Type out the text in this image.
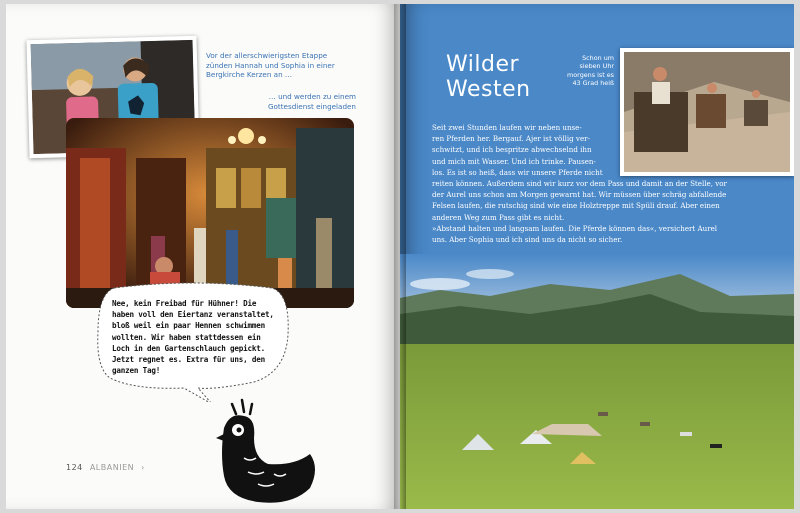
Vor der allerschwierigsten Etappe zünden Hannah und Sophia in einer Bergkirche Kerzen an …
… und werden zu einem Gottesdienst eingeladen
Nee, kein Freibad für Hühner! Die haben voll den Eiertanz veranstaltet, bloß weil ein paar Hennen schwimmen wollten. Wir haben stattdessen ein Loch in den Gartenschlauch gepickt. Jetzt regnet es. Extra für uns, den ganzen Tag!
124 ALBANIEN ›
Wilder
Westen
Schon um sieben Uhr morgens ist es 43 Grad heiß
Seit zwei Stunden laufen wir neben unse-
ren Pferden her. Bergauf. Ajer ist völlig ver-
schwitzt, und ich bespritze abwechselnd ihn
und mich mit Wasser. Und ich trinke. Pausen-
los. Es ist so heiß, dass wir unsere Pferde nicht
reiten können. Außerdem sind wir kurz vor dem Pass und damit an der Stelle, vor
der Aurel uns schon am Morgen gewarnt hat. Wir müssen über schräg abfallende
Felsen laufen, die rutschig sind wie eine Holztreppe mit Spüli drauf. Aber einen
anderen Weg zum Pass gibt es nicht.
»Abstand halten und langsam laufen. Die Pferde können das«, versichert Aurel
uns. Aber Sophia und ich sind uns da nicht so sicher.
